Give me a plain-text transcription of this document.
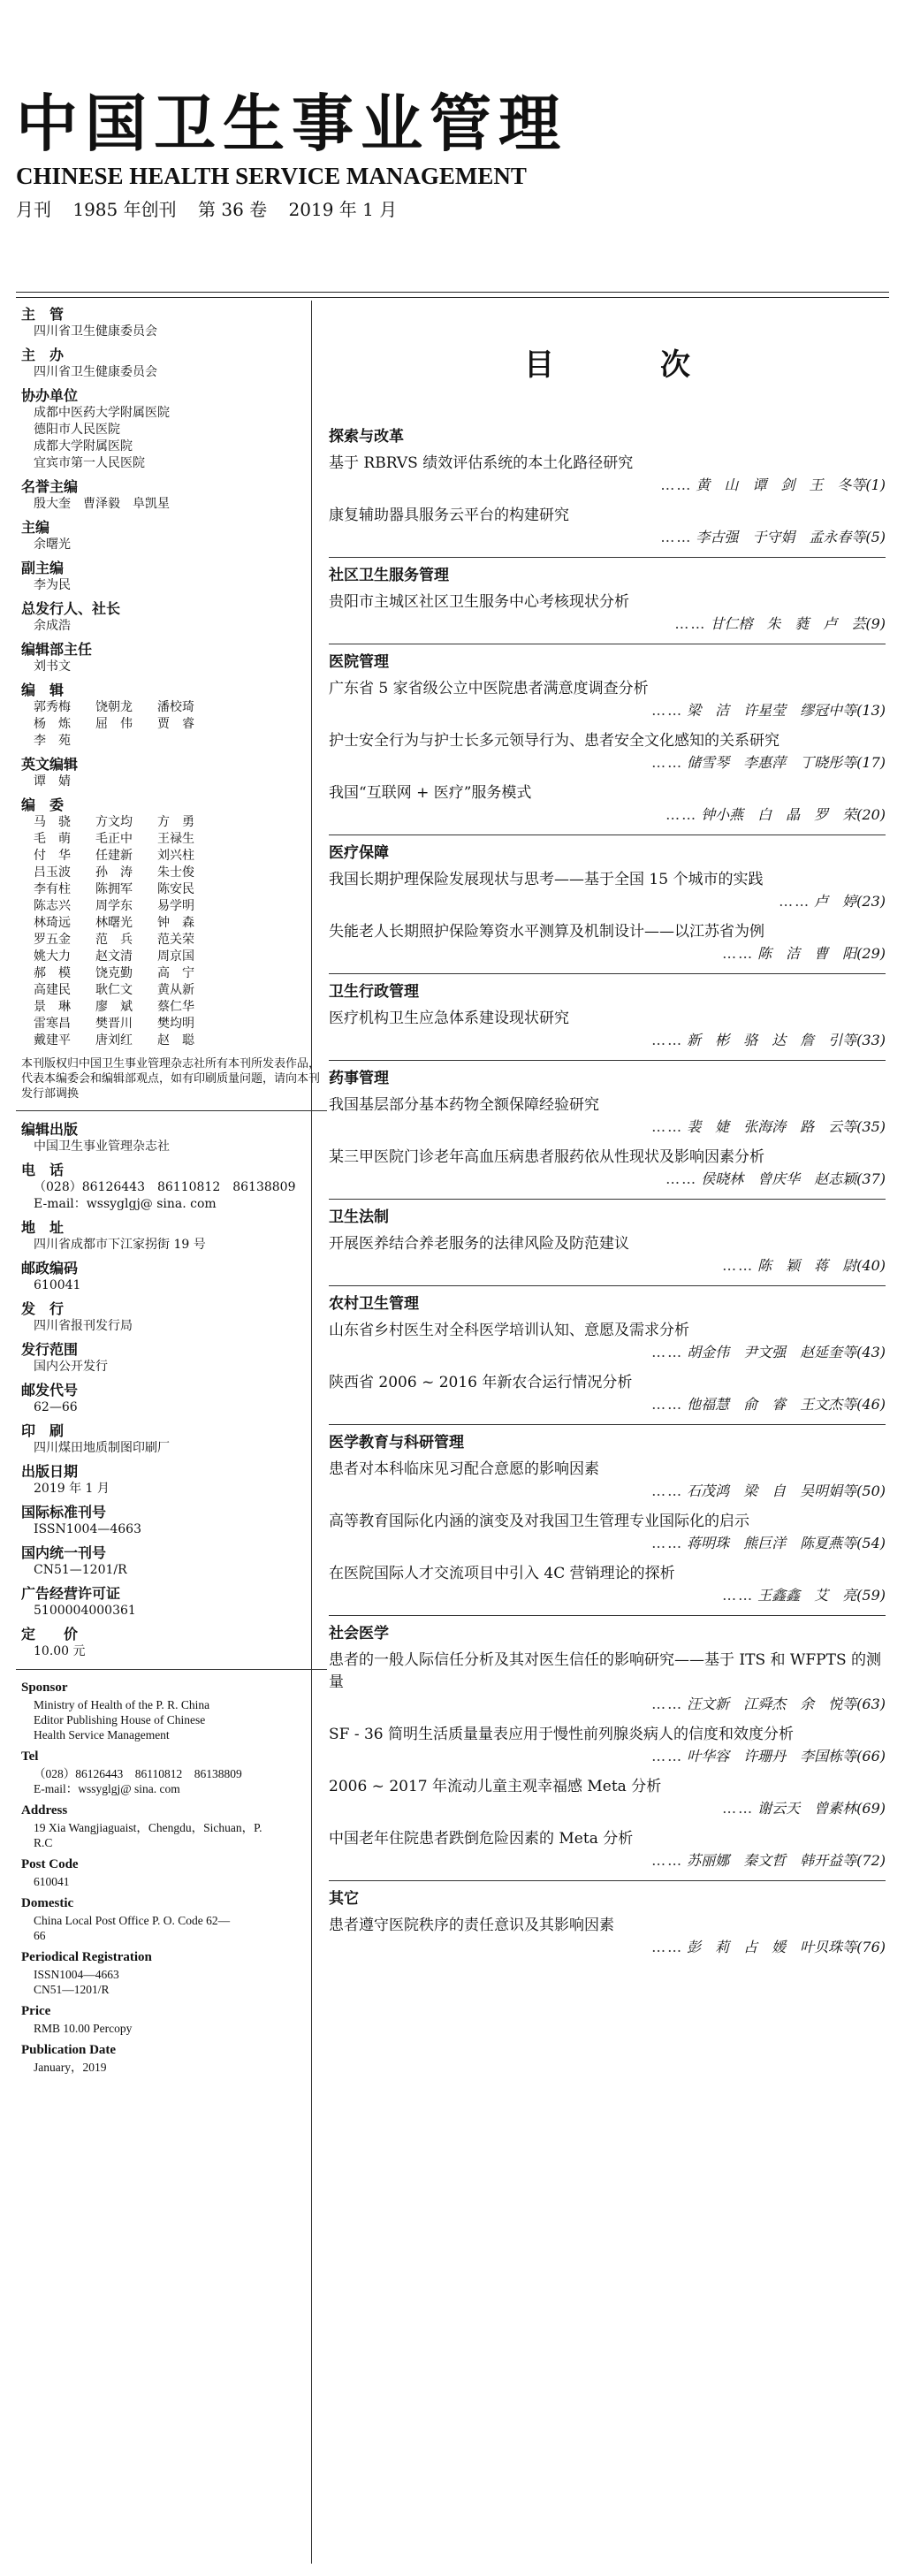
中国卫生事业管理
CHINESE HEALTH SERVICE MANAGEMENT
月刊 1985 年创刊 第 36 卷 2019 年 1 月
主　管
四川省卫生健康委员会
主　办
四川省卫生健康委员会
协办单位
成都中医药大学附属医院
德阳市人民医院
成都大学附属医院
宜宾市第一人民医院
名誉主编
殷大奎　曹泽毅　阜凯星
主编
余曙光
副主编
李为民
总发行人、社长
余成浩
编辑部主任
刘书文
编　辑
郭秀梅	饶朝龙	潘校琦
杨　炼	屈　伟	贾　睿
李　苑
英文编辑
谭　婧
编　委
马　骁	方文均	方　勇
毛　萌	毛正中	王禄生
付　华	任建新	刘兴柱
吕玉波	孙　涛	朱士俊
李有柱	陈拥军	陈安民
陈志兴	周学东	易学明
林琦远	林曙光	钟　森
罗五金	范　兵	范关荣
姚大力	赵文清	周京国
郝　模	饶克勤	高　宁
高建民	耿仁文	黄从新
景　琳	廖　斌	蔡仁华
雷寒昌	樊晋川	樊均明
戴建平	唐刘红	赵　聪
本刊版权归中国卫生事业管理杂志社所有本刊所发表作品，代表本编委会和编辑部观点，如有印刷质量问题，请向本刊发行部调换
编辑出版
中国卫生事业管理杂志社
电　话
（028）86126443　86110812　86138809
E-mail：wssyglgj@ sina. com
地　址
四川省成都市下江家拐街 19 号
邮政编码
610041
发　行
四川省报刊发行局
发行范围
国内公开发行
邮发代号
62—66
印　刷
四川煤田地质制图印刷厂
出版日期
2019 年 1 月
国际标准刊号
ISSN1004—4663
国内统一刊号
CN51—1201/R
广告经营许可证
5100004000361
定　　价
10.00 元
Sponsor
Ministry of Health of the P. R. China
Editor Publishing House of Chinese
Health Service Management
Tel
（028）86126443　86110812　86138809
E-mail：wssyglgj@ sina. com
Address
19 Xia Wangjiaguaist，Chengdu，Sichuan，P.
R.C
Post Code
610041
Domestic
China Local Post Office P. O. Code 62—
66
Periodical Registration
ISSN1004—4663
CN51—1201/R
Price
RMB 10.00 Percopy
Publication Date
January，2019
目	次
探索与改革
基于 RBRVS 绩效评估系统的本土化路径研究
…… 黄　山　谭　剑　王　冬等(1)
康复辅助器具服务云平台的构建研究
…… 李古强　于守娟　孟永春等(5)
社区卫生服务管理
贵阳市主城区社区卫生服务中心考核现状分析
…… 甘仁榕　朱　蕤　卢　芸(9)
医院管理
广东省 5 家省级公立中医院患者满意度调查分析
…… 梁　洁　许星莹　缪冠中等(13)
护士安全行为与护士长多元领导行为、患者安全文化感知的关系研究
…… 储雪琴　李惠萍　丁晓彤等(17)
我国“互联网 + 医疗”服务模式
…… 钟小燕　白　晶　罗　荣(20)
医疗保障
我国长期护理保险发展现状与思考——基于全国 15 个城市的实践
…… 卢　婷(23)
失能老人长期照护保险筹资水平测算及机制设计——以江苏省为例
…… 陈　洁　曹　阳(29)
卫生行政管理
医疗机构卫生应急体系建设现状研究
…… 新　彬　骆　达　詹　引等(33)
药事管理
我国基层部分基本药物全额保障经验研究
…… 裴　婕　张海涛　路　云等(35)
某三甲医院门诊老年高血压病患者服药依从性现状及影响因素分析
…… 侯晓林　曾庆华　赵志颖(37)
卫生法制
开展医养结合养老服务的法律风险及防范建议
…… 陈　颖　蒋　尉(40)
农村卫生管理
山东省乡村医生对全科医学培训认知、意愿及需求分析
…… 胡金伟　尹文强　赵延奎等(43)
陕西省 2006 ~ 2016 年新农合运行情况分析
…… 他福慧　俞　睿　王文杰等(46)
医学教育与科研管理
患者对本科临床见习配合意愿的影响因素
…… 石茂鸿　梁　自　吴明娟等(50)
高等教育国际化内涵的演变及对我国卫生管理专业国际化的启示
…… 蒋明珠　熊巨洋　陈夏燕等(54)
在医院国际人才交流项目中引入 4C 营销理论的探析
…… 王鑫鑫　艾　亮(59)
社会医学
患者的一般人际信任分析及其对医生信任的影响研究——基于 ITS 和 WFPTS 的测量
…… 汪文新　江舜杰　余　悦等(63)
SF - 36 简明生活质量量表应用于慢性前列腺炎病人的信度和效度分析
…… 叶华容　许珊丹　李国栋等(66)
2006 ~ 2017 年流动儿童主观幸福感 Meta 分析
…… 谢云天　曾素林(69)
中国老年住院患者跌倒危险因素的 Meta 分析
…… 苏丽娜　秦文哲　韩开益等(72)
其它
患者遵守医院秩序的责任意识及其影响因素
…… 彭　莉　占　媛　叶贝珠等(76)
